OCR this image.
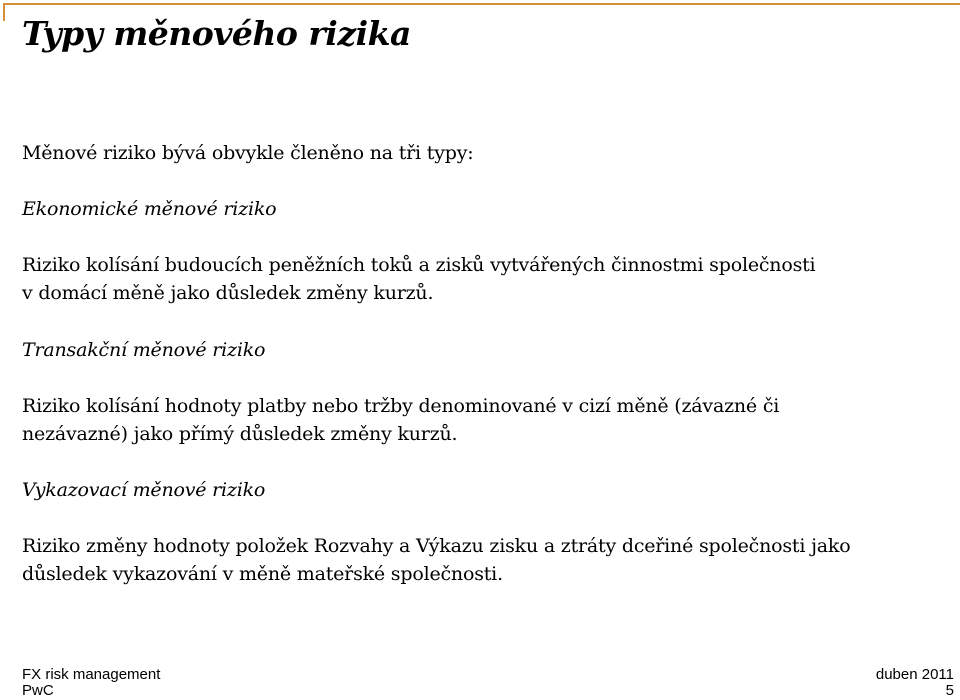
Typy měnového rizika
Měnové riziko bývá obvykle členěno na tři typy:
Ekonomické měnové riziko
Riziko kolísání budoucích peněžních toků a zisků vytvářených činnostmi společnosti
v domácí měně jako důsledek změny kurzů.
Transakční měnové riziko
Riziko kolísání hodnoty platby nebo tržby denominované v cizí měně (závazné či
nezávazné) jako přímý důsledek změny kurzů.
Vykazovací měnové riziko
Riziko změny hodnoty položek Rozvahy a Výkazu zisku a ztráty dceřiné společnosti jako
důsledek vykazování v měně mateřské společnosti.
FX risk management
PwC
duben 2011
5
